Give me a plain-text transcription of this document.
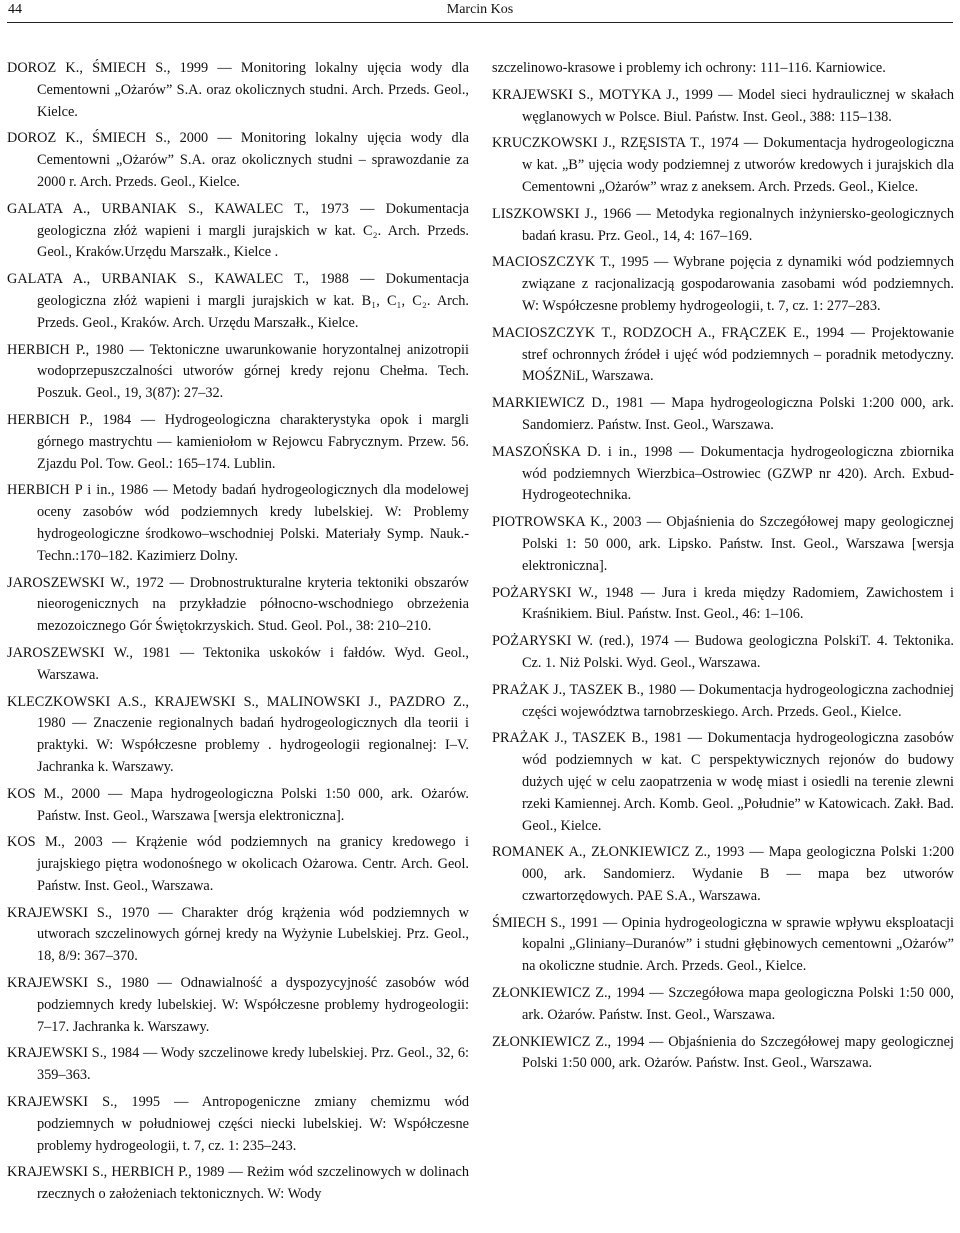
44	Marcin Kos

DOROZ K., ŚMIECH S., 1999 — Monitoring lokalny ujęcia wody dla Cementowni „Ożarów” S.A. oraz okolicznych studni. Arch. Przeds. Geol., Kielce.

DOROZ K., ŚMIECH S., 2000 — Monitoring lokalny ujęcia wody dla Cementowni „Ożarów” S.A. oraz okolicznych studni – sprawozdanie za 2000 r. Arch. Przeds. Geol., Kielce.

GALATA A., URBANIAK S., KAWALEC T., 1973 — Dokumentacja geologiczna złóż wapieni i margli jurajskich w kat. C₂. Arch. Przeds. Geol., Kraków.Urzędu Marszałk., Kielce .

GALATA A., URBANIAK S., KAWALEC T., 1988 — Dokumentacja geologiczna złóż wapieni i margli jurajskich w kat. B₁, C₁, C₂. Arch. Przeds. Geol., Kraków. Arch. Urzędu Marszałk., Kielce.

HERBICH P., 1980 — Tektoniczne uwarunkowanie horyzontalnej anizotropii wodoprzepuszczalności utworów górnej kredy rejonu Chełma. Tech. Poszuk. Geol., 19, 3(87): 27–32.

HERBICH P., 1984 — Hydrogeologiczna charakterystyka opok i margli górnego mastrychtu — kamieniołom w Rejowcu Fabrycznym. Przew. 56. Zjazdu Pol. Tow. Geol.: 165–174. Lublin.

HERBICH P i in., 1986 — Metody badań hydrogeologicznych dla modelowej oceny zasobów wód podziemnych kredy lubelskiej. W: Problemy hydrogeologiczne środkowo–wschodniej Polski. Materiały Symp. Nauk.-Techn.:170–182. Kazimierz Dolny.

JAROSZEWSKI W., 1972 — Drobnostrukturalne kryteria tektoniki obszarów nieorogenicznych na przykładzie północno-wschodniego obrzeżenia mezozoicznego Gór Świętokrzyskich. Stud. Geol. Pol., 38: 210–210.

JAROSZEWSKI W., 1981 — Tektonika uskoków i fałdów. Wyd. Geol., Warszawa.

KLECZKOWSKI A.S., KRAJEWSKI S., MALINOWSKI J., PAZDRO Z., 1980 — Znaczenie regionalnych badań hydrogeologicznych dla teorii i praktyki. W: Współczesne problemy . hydrogeologii regionalnej: I–V. Jachranka k. Warszawy.

KOS M., 2000 — Mapa hydrogeologiczna Polski 1:50 000, ark. Ożarów. Państw. Inst. Geol., Warszawa [wersja elektroniczna].

KOS M., 2003 — Krążenie wód podziemnych na granicy kredowego i jurajskiego piętra wodonośnego w okolicach Ożarowa. Centr. Arch. Geol. Państw. Inst. Geol., Warszawa.

KRAJEWSKI S., 1970 — Charakter dróg krążenia wód podziemnych w utworach szczelinowych górnej kredy na Wyżynie Lubelskiej. Prz. Geol., 18, 8/9: 367–370.

KRAJEWSKI S., 1980 — Odnawialność a dyspozycyjność zasobów wód podziemnych kredy lubelskiej. W: Współczesne problemy hydrogeologii: 7–17. Jachranka k. Warszawy.

KRAJEWSKI S., 1984 — Wody szczelinowe kredy lubelskiej. Prz. Geol., 32, 6: 359–363.

KRAJEWSKI S., 1995 — Antropogeniczne zmiany chemizmu wód podziemnych w południowej części niecki lubelskiej. W: Współczesne problemy hydrogeologii, t. 7, cz. 1: 235–243.

KRAJEWSKI S., HERBICH P., 1989 — Reżim wód szczelinowych w dolinach rzecznych o założeniach tektonicznych. W: Wody

szczelinowo-krasowe i problemy ich ochrony: 111–116. Karniowice.

KRAJEWSKI S., MOTYKA J., 1999 — Model sieci hydraulicznej w skałach węglanowych w Polsce. Biul. Państw. Inst. Geol., 388: 115–138.

KRUCZKOWSKI J., RZĘSISTA T., 1974 — Dokumentacja hydrogeologiczna w kat. „B” ujęcia wody podziemnej z utworów kredowych i jurajskich dla Cementowni „Ożarów” wraz z aneksem. Arch. Przeds. Geol., Kielce.

LISZKOWSKI J., 1966 — Metodyka regionalnych inżyniersko-geologicznych badań krasu. Prz. Geol., 14, 4: 167–169.

MACIOSZCZYK T., 1995 — Wybrane pojęcia z dynamiki wód podziemnych związane z racjonalizacją gospodarowania zasobami wód podziemnych. W: Współczesne problemy hydrogeologii, t. 7, cz. 1: 277–283.

MACIOSZCZYK T., RODZOCH A., FRĄCZEK E., 1994 — Projektowanie stref ochronnych źródeł i ujęć wód podziemnych – poradnik metodyczny. MOŚZNiL, Warszawa.

MARKIEWICZ D., 1981 — Mapa hydrogeologiczna Polski 1:200 000, ark. Sandomierz. Państw. Inst. Geol., Warszawa.

MASZOŃSKA D. i in., 1998 — Dokumentacja hydrogeologiczna zbiornika wód podziemnych Wierzbica–Ostrowiec (GZWP nr 420). Arch. Exbud-Hydrogeotechnika.

PIOTROWSKA K., 2003 — Objaśnienia do Szczegółowej mapy geologicznej Polski 1: 50 000, ark. Lipsko. Państw. Inst. Geol., Warszawa [wersja elektroniczna].

POŻARYSKI W., 1948 — Jura i kreda między Radomiem, Zawichostem i Kraśnikiem. Biul. Państw. Inst. Geol., 46: 1–106.

POŻARYSKI W. (red.), 1974 — Budowa geologiczna PolskiT. 4. Tektonika. Cz. 1. Niż Polski. Wyd. Geol., Warszawa.

PRAŻAK J., TASZEK B., 1980 — Dokumentacja hydrogeologiczna zachodniej części województwa tarnobrzeskiego. Arch. Przeds. Geol., Kielce.

PRAŻAK J., TASZEK B., 1981 — Dokumentacja hydrogeologiczna zasobów wód podziemnych w kat. C perspektywicznych rejonów do budowy dużych ujęć w celu zaopatrzenia w wodę miast i osiedli na terenie zlewni rzeki Kamiennej. Arch. Komb. Geol. „Południe” w Katowicach. Zakł. Bad. Geol., Kielce.

ROMANEK A., ZŁONKIEWICZ Z., 1993 — Mapa geologiczna Polski 1:200 000, ark. Sandomierz. Wydanie B — mapa bez utworów czwartorzędowych. PAE S.A., Warszawa.

ŚMIECH S., 1991 — Opinia hydrogeologiczna w sprawie wpływu eksploatacji kopalni „Gliniany–Duranów” i studni głębinowych cementowni „Ożarów” na okoliczne studnie. Arch. Przeds. Geol., Kielce.

ZŁONKIEWICZ Z., 1994 — Szczegółowa mapa geologiczna Polski 1:50 000, ark. Ożarów. Państw. Inst. Geol., Warszawa.

ZŁONKIEWICZ Z., 1994 — Objaśnienia do Szczegółowej mapy geologicznej Polski 1:50 000, ark. Ożarów. Państw. Inst. Geol., Warszawa.
